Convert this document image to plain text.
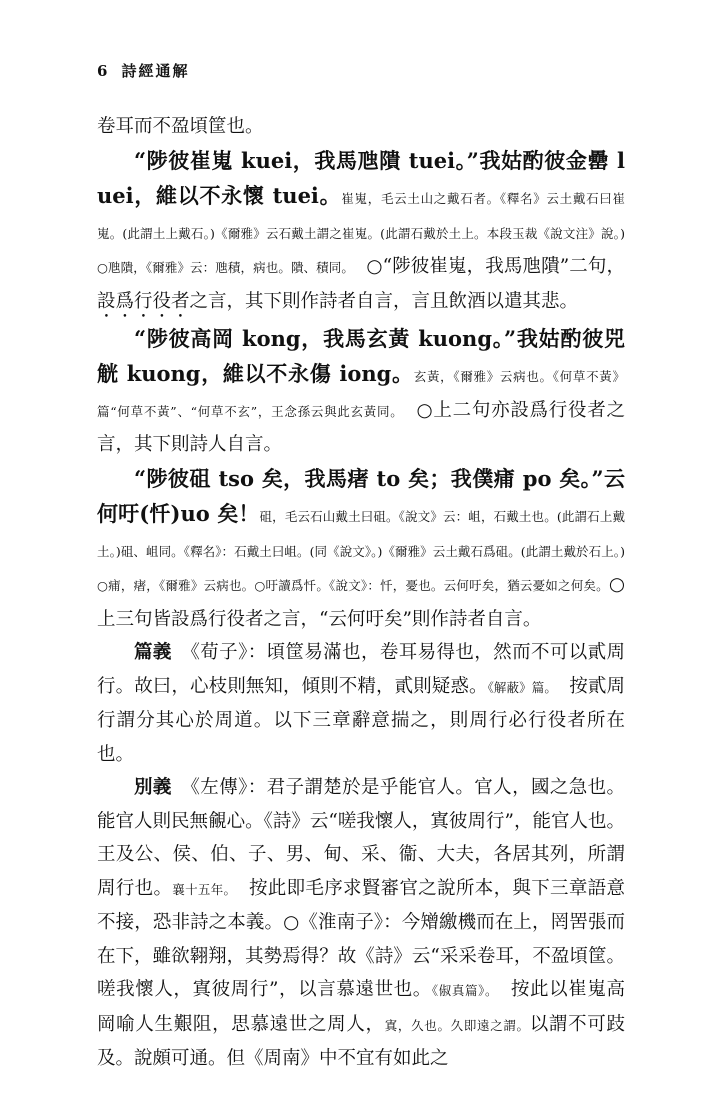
6 詩經通解

卷耳而不盈頃筐也。

“陟彼崔嵬 kuei，我馬虺隤 tuei。”我姑酌彼金罍 luei，維以不永懷 tuei。崔嵬，毛云土山之戴石者。《釋名》云土戴石曰崔嵬。(此謂土上戴石。)《爾雅》云石戴土謂之崔嵬。(此謂石戴於土上。本段玉裁《說文注》說。)○虺隤，《爾雅》云：虺積，病也。隤、積同。　○“陟彼崔嵬，我馬虺隤”二句，設爲行役者之言，其下則作詩者自言，言且飲酒以遣其悲。

“陟彼高岡 kong，我馬玄黃 kuong。”我姑酌彼兕觥 kuong，維以不永傷 iong。玄黃，《爾雅》云病也。《何草不黃》篇“何草不黃”、“何草不玄”，王念孫云與此玄黃同。　○上二句亦設爲行役者之言，其下則詩人自言。

“陟彼砠 tso 矣，我馬瘏 to 矣；我僕痡 po 矣。”云何吁(忏)uo 矣！砠，毛云石山戴土曰砠。《說文》云：岨，石戴土也。(此謂石上戴土。)砠、岨同。《釋名》：石戴土曰岨。(同《說文》。)《爾雅》云土戴石爲砠。(此謂土戴於石上。)○痡，瘏，《爾雅》云病也。○吁讀爲忏。《說文》：忏，憂也。云何吁矣，猶云憂如之何矣。○上三句皆設爲行役者之言，“云何吁矣”則作詩者自言。

篇義　《荀子》：頃筐易滿也，卷耳易得也，然而不可以貳周行。故曰，心枝則無知，傾則不精，貳則疑惑。《解蔽》篇。　按貳周行謂分其心於周道。以下三章辭意揣之，則周行必行役者所在也。

別義　《左傳》：君子謂楚於是乎能官人。官人，國之急也。能官人則民無覦心。《詩》云“嗟我懷人，寘彼周行”，能官人也。王及公、侯、伯、子、男、甸、采、衞、大夫，各居其列，所謂周行也。襄十五年。　按此即毛序求賢審官之說所本，與下三章語意不接，恐非詩之本義。○《淮南子》：今矰繳機而在上，罔罟張而在下，雖欲翱翔，其勢焉得？故《詩》云“采采卷耳，不盈頃筐。嗟我懷人，寘彼周行”，以言慕遠世也。《俶真篇》。　按此以崔嵬高岡喻人生艱阻，思慕遠世之周人，寘，久也。久即遠之謂。以謂不可跂及。說頗可通。但《周南》中不宜有如此之
